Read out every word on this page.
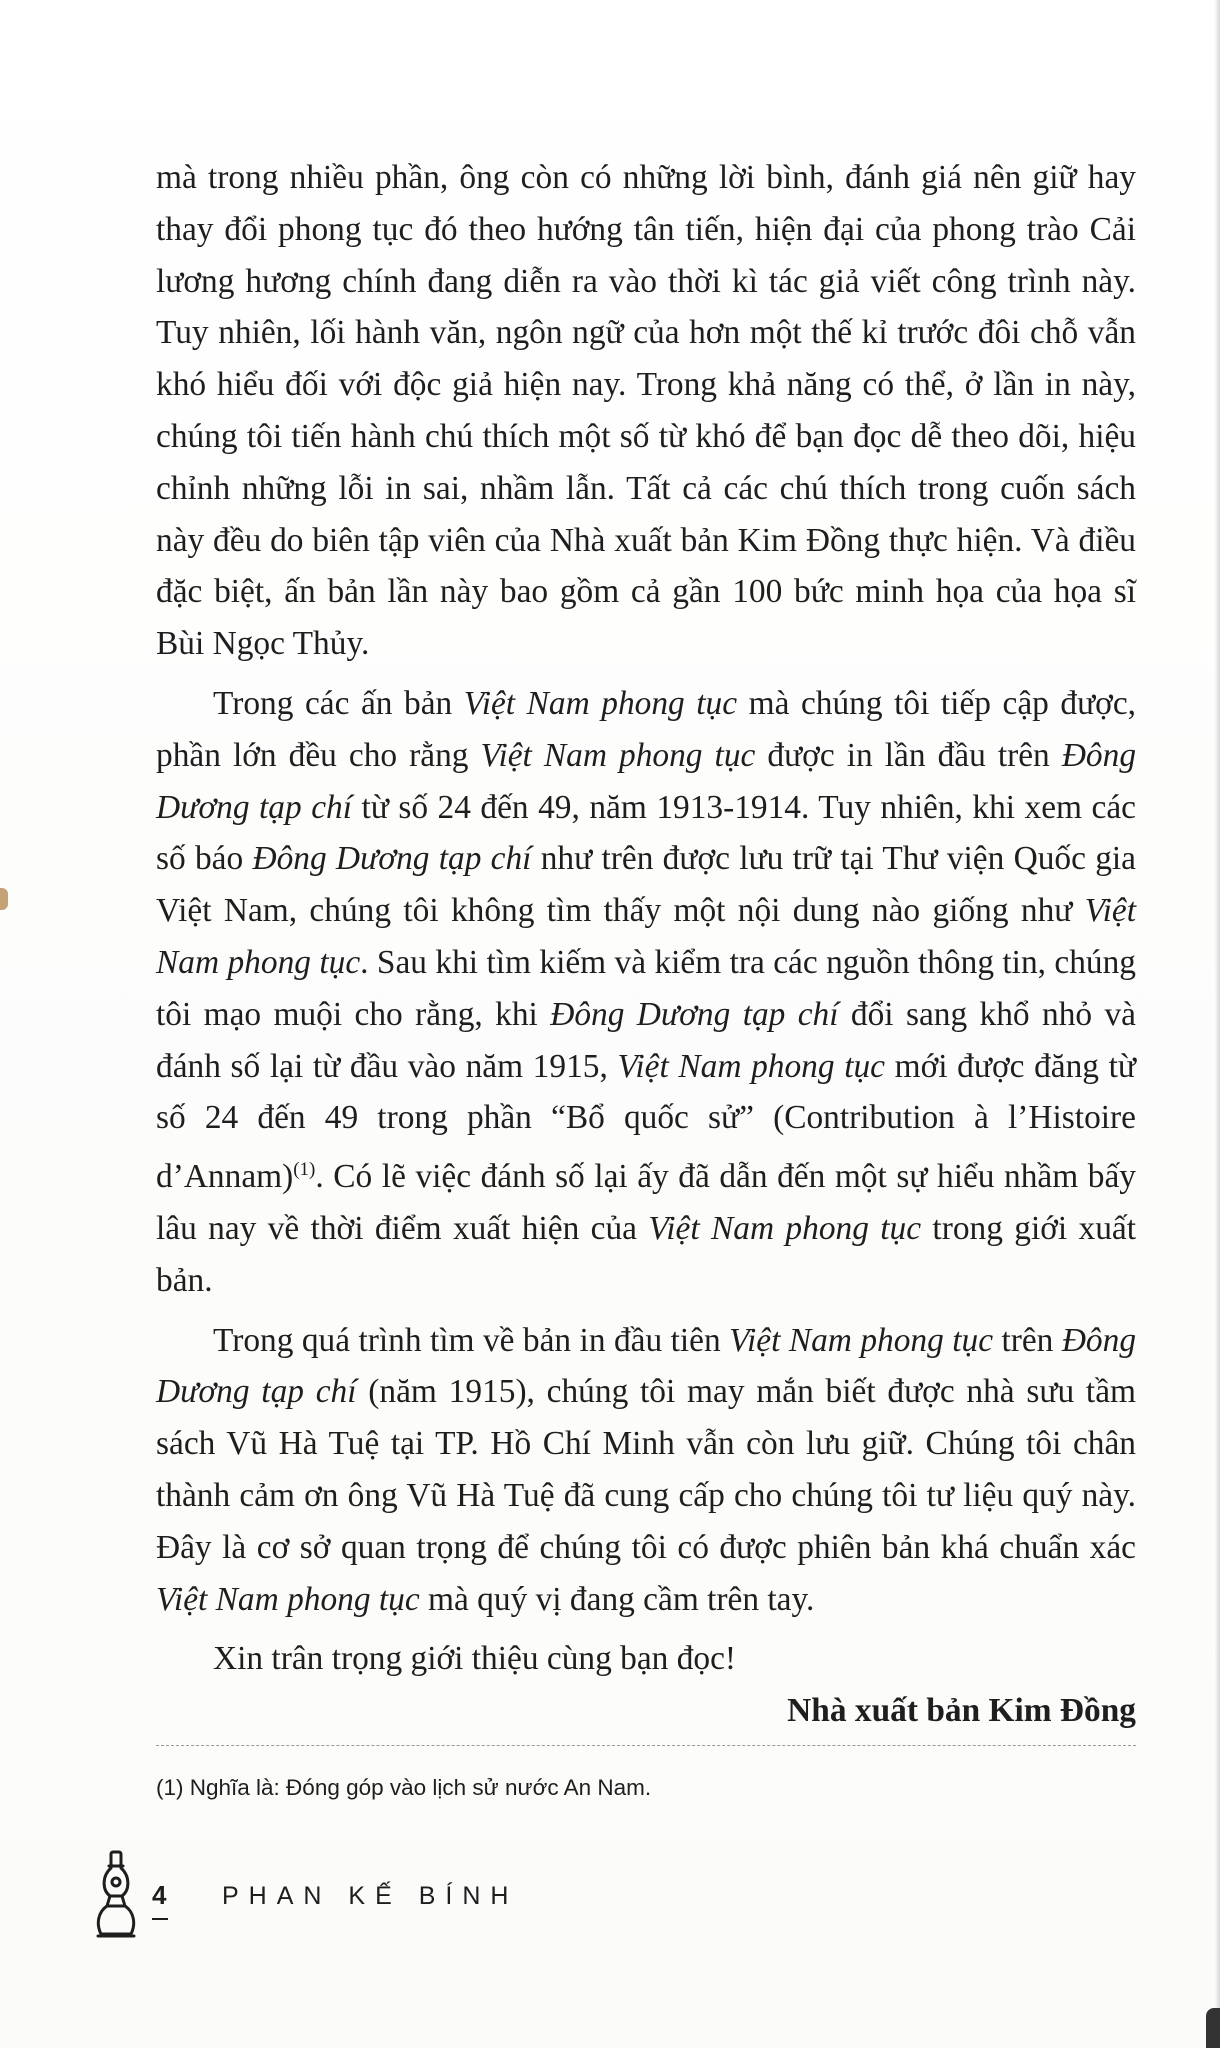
mà trong nhiều phần, ông còn có những lời bình, đánh giá nên giữ hay thay đổi phong tục đó theo hướng tân tiến, hiện đại của phong trào Cải lương hương chính đang diễn ra vào thời kì tác giả viết công trình này. Tuy nhiên, lối hành văn, ngôn ngữ của hơn một thế kỉ trước đôi chỗ vẫn khó hiểu đối với độc giả hiện nay. Trong khả năng có thể, ở lần in này, chúng tôi tiến hành chú thích một số từ khó để bạn đọc dễ theo dõi, hiệu chỉnh những lỗi in sai, nhầm lẫn. Tất cả các chú thích trong cuốn sách này đều do biên tập viên của Nhà xuất bản Kim Đồng thực hiện. Và điều đặc biệt, ấn bản lần này bao gồm cả gần 100 bức minh họa của họa sĩ Bùi Ngọc Thủy.

Trong các ấn bản Việt Nam phong tục mà chúng tôi tiếp cập được, phần lớn đều cho rằng Việt Nam phong tục được in lần đầu trên Đông Dương tạp chí từ số 24 đến 49, năm 1913-1914. Tuy nhiên, khi xem các số báo Đông Dương tạp chí như trên được lưu trữ tại Thư viện Quốc gia Việt Nam, chúng tôi không tìm thấy một nội dung nào giống như Việt Nam phong tục. Sau khi tìm kiếm và kiểm tra các nguồn thông tin, chúng tôi mạo muội cho rằng, khi Đông Dương tạp chí đổi sang khổ nhỏ và đánh số lại từ đầu vào năm 1915, Việt Nam phong tục mới được đăng từ số 24 đến 49 trong phần “Bổ quốc sử” (Contribution à l’Histoire d’Annam)$^{(1)}$. Có lẽ việc đánh số lại ấy đã dẫn đến một sự hiểu nhầm bấy lâu nay về thời điểm xuất hiện của Việt Nam phong tục trong giới xuất bản.

Trong quá trình tìm về bản in đầu tiên Việt Nam phong tục trên Đông Dương tạp chí (năm 1915), chúng tôi may mắn biết được nhà sưu tầm sách Vũ Hà Tuệ tại TP. Hồ Chí Minh vẫn còn lưu giữ. Chúng tôi chân thành cảm ơn ông Vũ Hà Tuệ đã cung cấp cho chúng tôi tư liệu quý này. Đây là cơ sở quan trọng để chúng tôi có được phiên bản khá chuẩn xác Việt Nam phong tục mà quý vị đang cầm trên tay.

Xin trân trọng giới thiệu cùng bạn đọc!

Nhà xuất bản Kim Đồng

(1) Nghĩa là: Đóng góp vào lịch sử nước An Nam.
4 PHAN KẾ BÍNH
